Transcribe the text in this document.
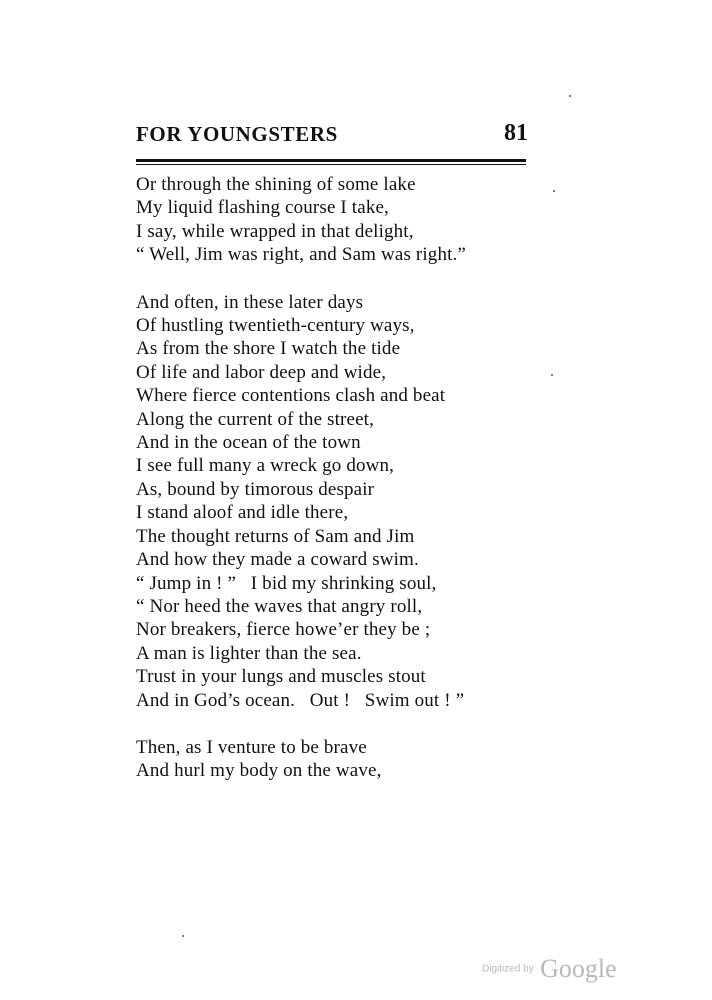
FOR YOUNGSTERS	81
Or through the shining of some lake
My liquid flashing course I take,
I say, while wrapped in that delight,
“ Well, Jim was right, and Sam was right.”
And often, in these later days
Of hustling twentieth-century ways,
As from the shore I watch the tide
Of life and labor deep and wide,
Where fierce contentions clash and beat
Along the current of the street,
And in the ocean of the town
I see full many a wreck go down,
As, bound by timorous despair
I stand aloof and idle there,
The thought returns of Sam and Jim
And how they made a coward swim.
“ Jump in ! ”   I bid my shrinking soul,
“ Nor heed the waves that angry roll,
Nor breakers, fierce howe’er they be ;
A man is lighter than the sea.
Trust in your lungs and muscles stout
And in God’s ocean.   Out !   Swim out ! ”
Then, as I venture to be brave
And hurl my body on the wave,
Digitized by Google
